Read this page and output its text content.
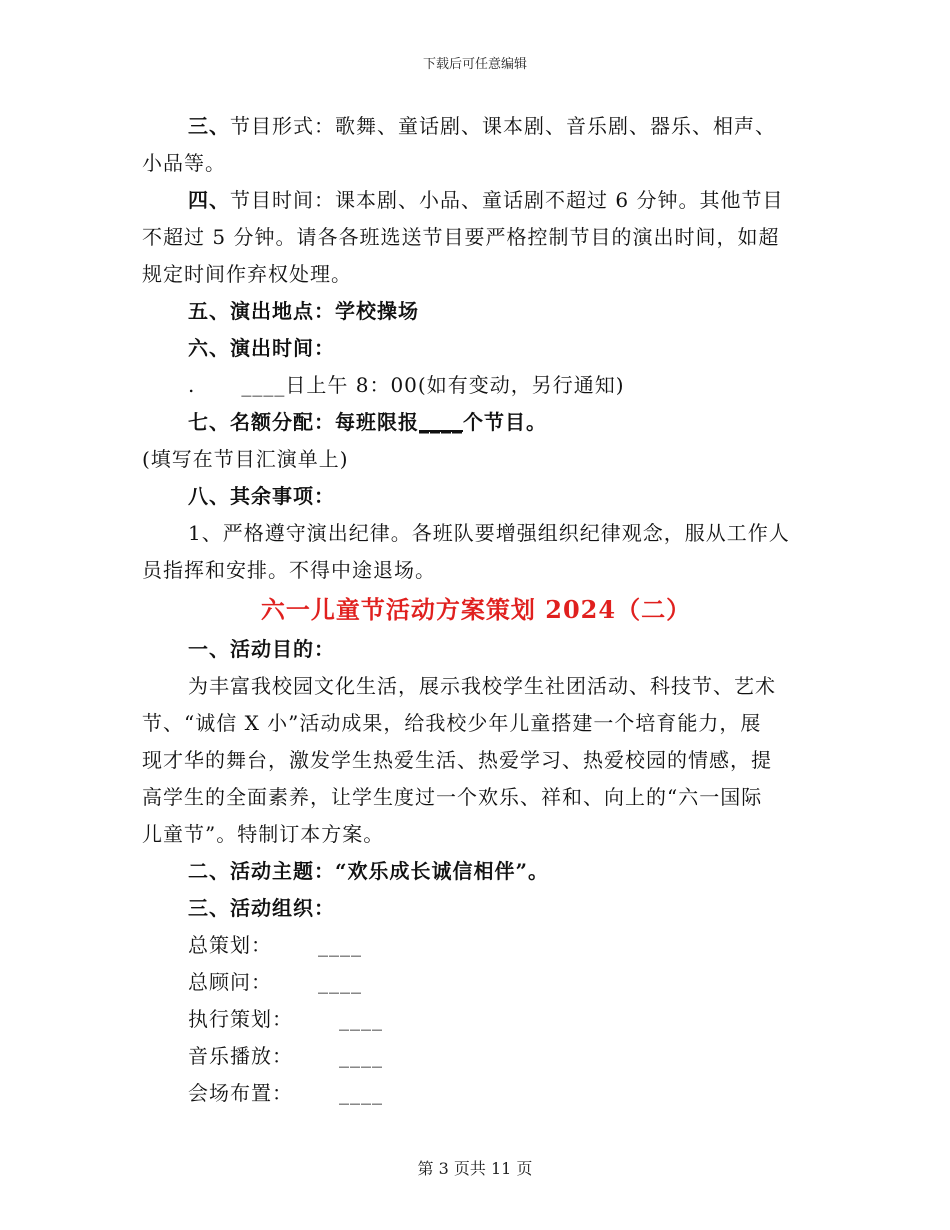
下载后可任意编辑

三、节目形式：歌舞、童话剧、课本剧、音乐剧、器乐、相声、
小品等。

四、节目时间：课本剧、小品、童话剧不超过 6 分钟。其他节目
不超过 5 分钟。请各各班选送节目要严格控制节目的演出时间，如超
规定时间作弃权处理。

五、演出地点：学校操场

六、演出时间：

. ____日上午 8：00(如有变动，另行通知)

七、名额分配：每班限报____个节目。

(填写在节目汇演单上)

八、其余事项：

1、严格遵守演出纪律。各班队要增强组织纪律观念，服从工作人
员指挥和安排。不得中途退场。

六一儿童节活动方案策划 2024（二）

一、活动目的：

为丰富我校园文化生活，展示我校学生社团活动、科技节、艺术
节、“诚信 X 小”活动成果，给我校少年儿童搭建一个培育能力，展
现才华的舞台，激发学生热爱生活、热爱学习、热爱校园的情感，提
高学生的全面素养，让学生度过一个欢乐、祥和、向上的“六一国际
儿童节”。特制订本方案。

二、活动主题：“欢乐成长诚信相伴”。

三、活动组织：

总策划： ____

总顾问： ____

执行策划： ____

音乐播放： ____

会场布置： ____

第 3 页共 11 页
